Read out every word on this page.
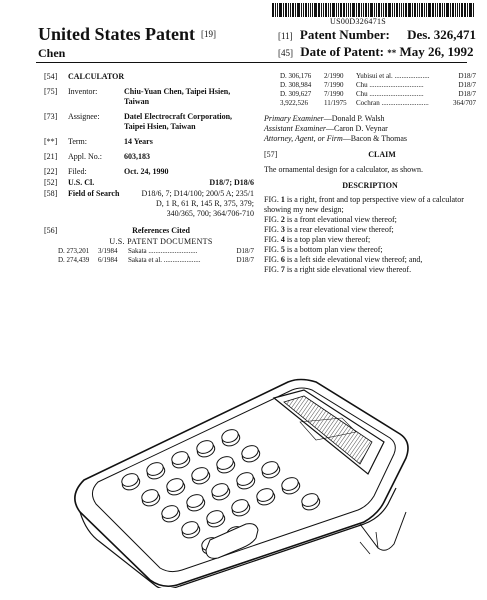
US00D326471S
United States Patent [19]
Chen
[11] Patent Number: Des. 326,471
[45] Date of Patent: ** May 26, 1992
[54]	CALCULATOR
[75]	Inventor:	Chiu-Yuan Chen, Taipei Hsien, Taiwan
[73]	Assignee:	Datel Electrocraft Corporation, Taipei Hsien, Taiwan
[**]	Term:	14 Years
[21]	Appl. No.:	603,183
[22]	Filed:	Oct. 24, 1990
[52]	U.S. Cl.	D18/7; D18/6
[58]	Field of Search	D18/6, 7; D14/100; 200/5 A; 235/1 D, 1 R, 61 R, 145 R, 375, 379; 340/365, 700; 364/706-710
[56]	References Cited
U.S. PATENT DOCUMENTS
D. 273,201	3/1984	Sakata ............................	D18/7
D. 274,439	6/1984	Sakata et al. .....................	D18/7
D. 306,176	2/1990	Yubisui et al. ....................	D18/7
D. 308,984	7/1990	Chu ...............................	D18/7
D. 309,627	7/1990	Chu ...............................	D18/7
3,922,526	11/1975	Cochran ...........................	364/707
Primary Examiner—Donald P. Walsh
Assistant Examiner—Caron D. Veynar
Attorney, Agent, or Firm—Bacon & Thomas
[57]	CLAIM
The ornamental design for a calculator, as shown.
DESCRIPTION
FIG. 1 is a right, front and top perspective view of a calculator showing my new design;
FIG. 2 is a front elevational view thereof;
FIG. 3 is a rear elevational view thereof;
FIG. 4 is a top plan view thereof;
FIG. 5 is a bottom plan view thereof;
FIG. 6 is a left side elevational view thereof; and,
FIG. 7 is a right side elevational view thereof.
